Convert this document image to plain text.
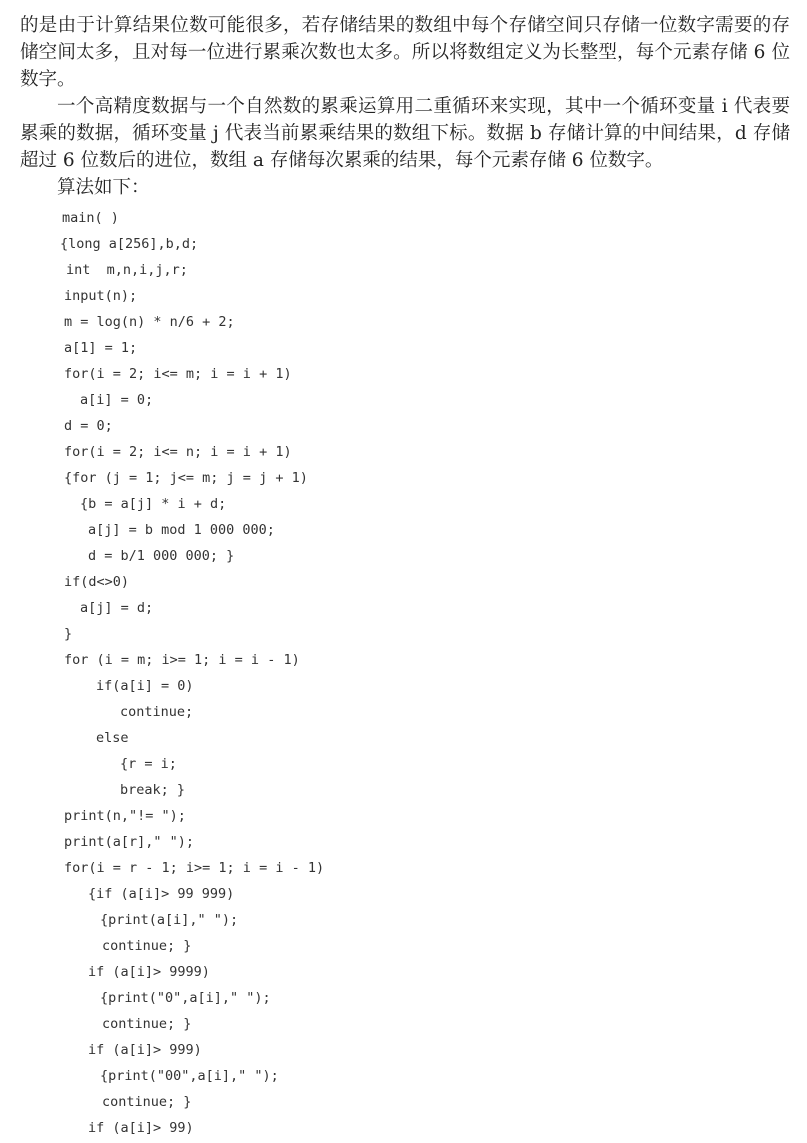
的是由于计算结果位数可能很多，若存储结果的数组中每个存储空间只存储一位数字需要的存储空间太多，且对每一位进行累乘次数也太多。所以将数组定义为长整型，每个元素存储 6 位数字。

一个高精度数据与一个自然数的累乘运算用二重循环来实现，其中一个循环变量 i 代表要累乘的数据，循环变量 j 代表当前累乘结果的数组下标。数据 b 存储计算的中间结果，d 存储超过 6 位数后的进位，数组 a 存储每次累乘的结果，每个元素存储 6 位数字。

算法如下：

main( )
{long a[256],b,d;
int  m,n,i,j,r;
input(n);
m = log(n) * n/6 + 2;
a[1] = 1;
for(i = 2; i<= m; i = i + 1)
a[i] = 0;
d = 0;
for(i = 2; i<= n; i = i + 1)
{for (j = 1; j<= m; j = j + 1)
{b = a[j] * i + d;
a[j] = b mod 1 000 000;
d = b/1 000 000; }
if(d<>0)
a[j] = d;
}
for (i = m; i>= 1; i = i - 1)
if(a[i] = 0)
continue;
else
{r = i;
break; }
print(n,"!= ");
print(a[r]," ");
for(i = r - 1; i>= 1; i = i - 1)
{if (a[i]> 99 999)
{print(a[i]," ");
continue; }
if (a[i]> 9999)
{print("0",a[i]," ");
continue; }
if (a[i]> 999)
{print("00",a[i]," ");
continue; }
if (a[i]> 99)
